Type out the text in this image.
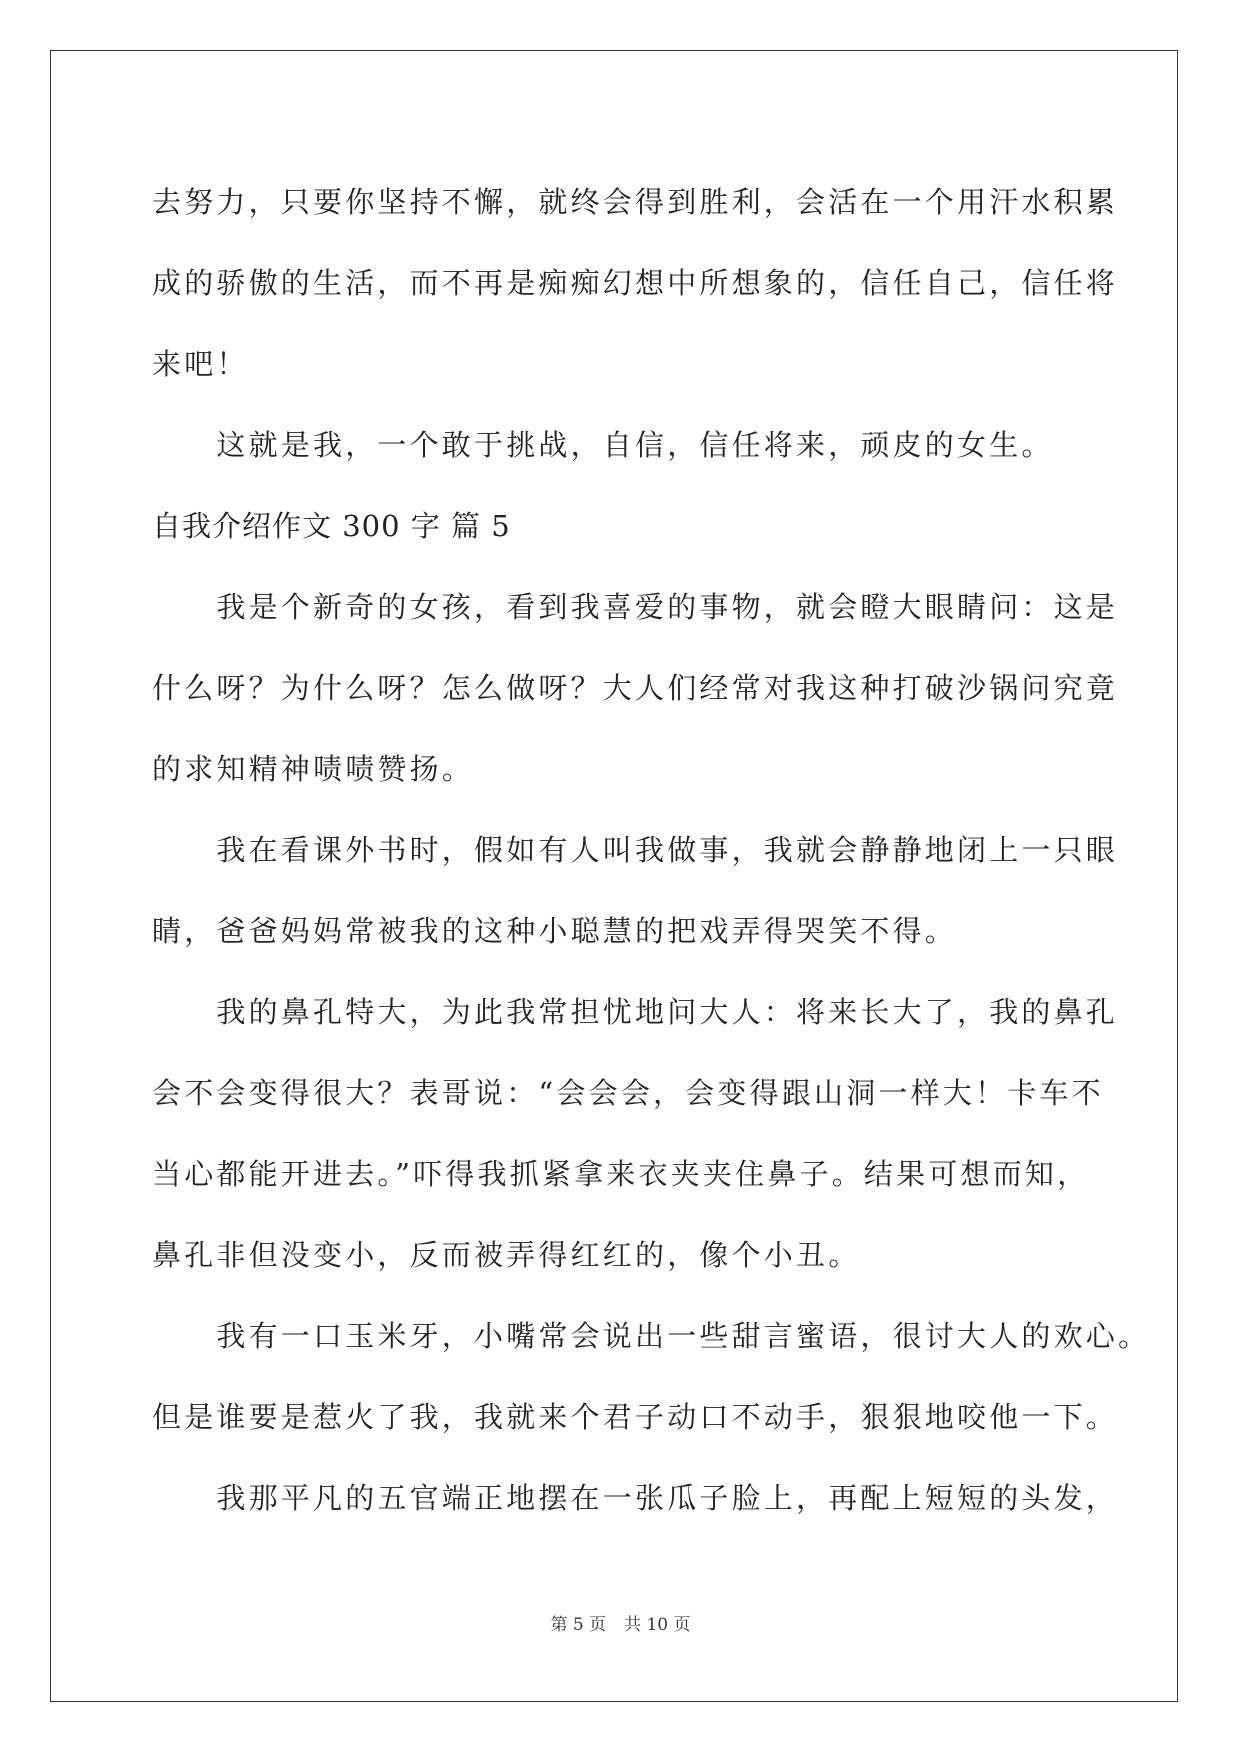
去努力，只要你坚持不懈，就终会得到胜利，会活在一个用汗水积累
成的骄傲的生活，而不再是痴痴幻想中所想象的，信任自己，信任将
来吧！
　　这就是我，一个敢于挑战，自信，信任将来，顽皮的女生。
自我介绍作文 300 字 篇 5
　　我是个新奇的女孩，看到我喜爱的事物，就会瞪大眼睛问：这是
什么呀？为什么呀？怎么做呀？大人们经常对我这种打破沙锅问究竟
的求知精神啧啧赞扬。
　　我在看课外书时，假如有人叫我做事，我就会静静地闭上一只眼
睛，爸爸妈妈常被我的这种小聪慧的把戏弄得哭笑不得。
　　我的鼻孔特大，为此我常担忧地问大人：将来长大了，我的鼻孔
会不会变得很大？表哥说：“会会会，会变得跟山洞一样大！卡车不
当心都能开进去。”吓得我抓紧拿来衣夹夹住鼻子。结果可想而知，
鼻孔非但没变小，反而被弄得红红的，像个小丑。
　　我有一口玉米牙，小嘴常会说出一些甜言蜜语，很讨大人的欢心。
但是谁要是惹火了我，我就来个君子动口不动手，狠狠地咬他一下。
　　我那平凡的五官端正地摆在一张瓜子脸上，再配上短短的头发，
第 5 页 共 10 页
